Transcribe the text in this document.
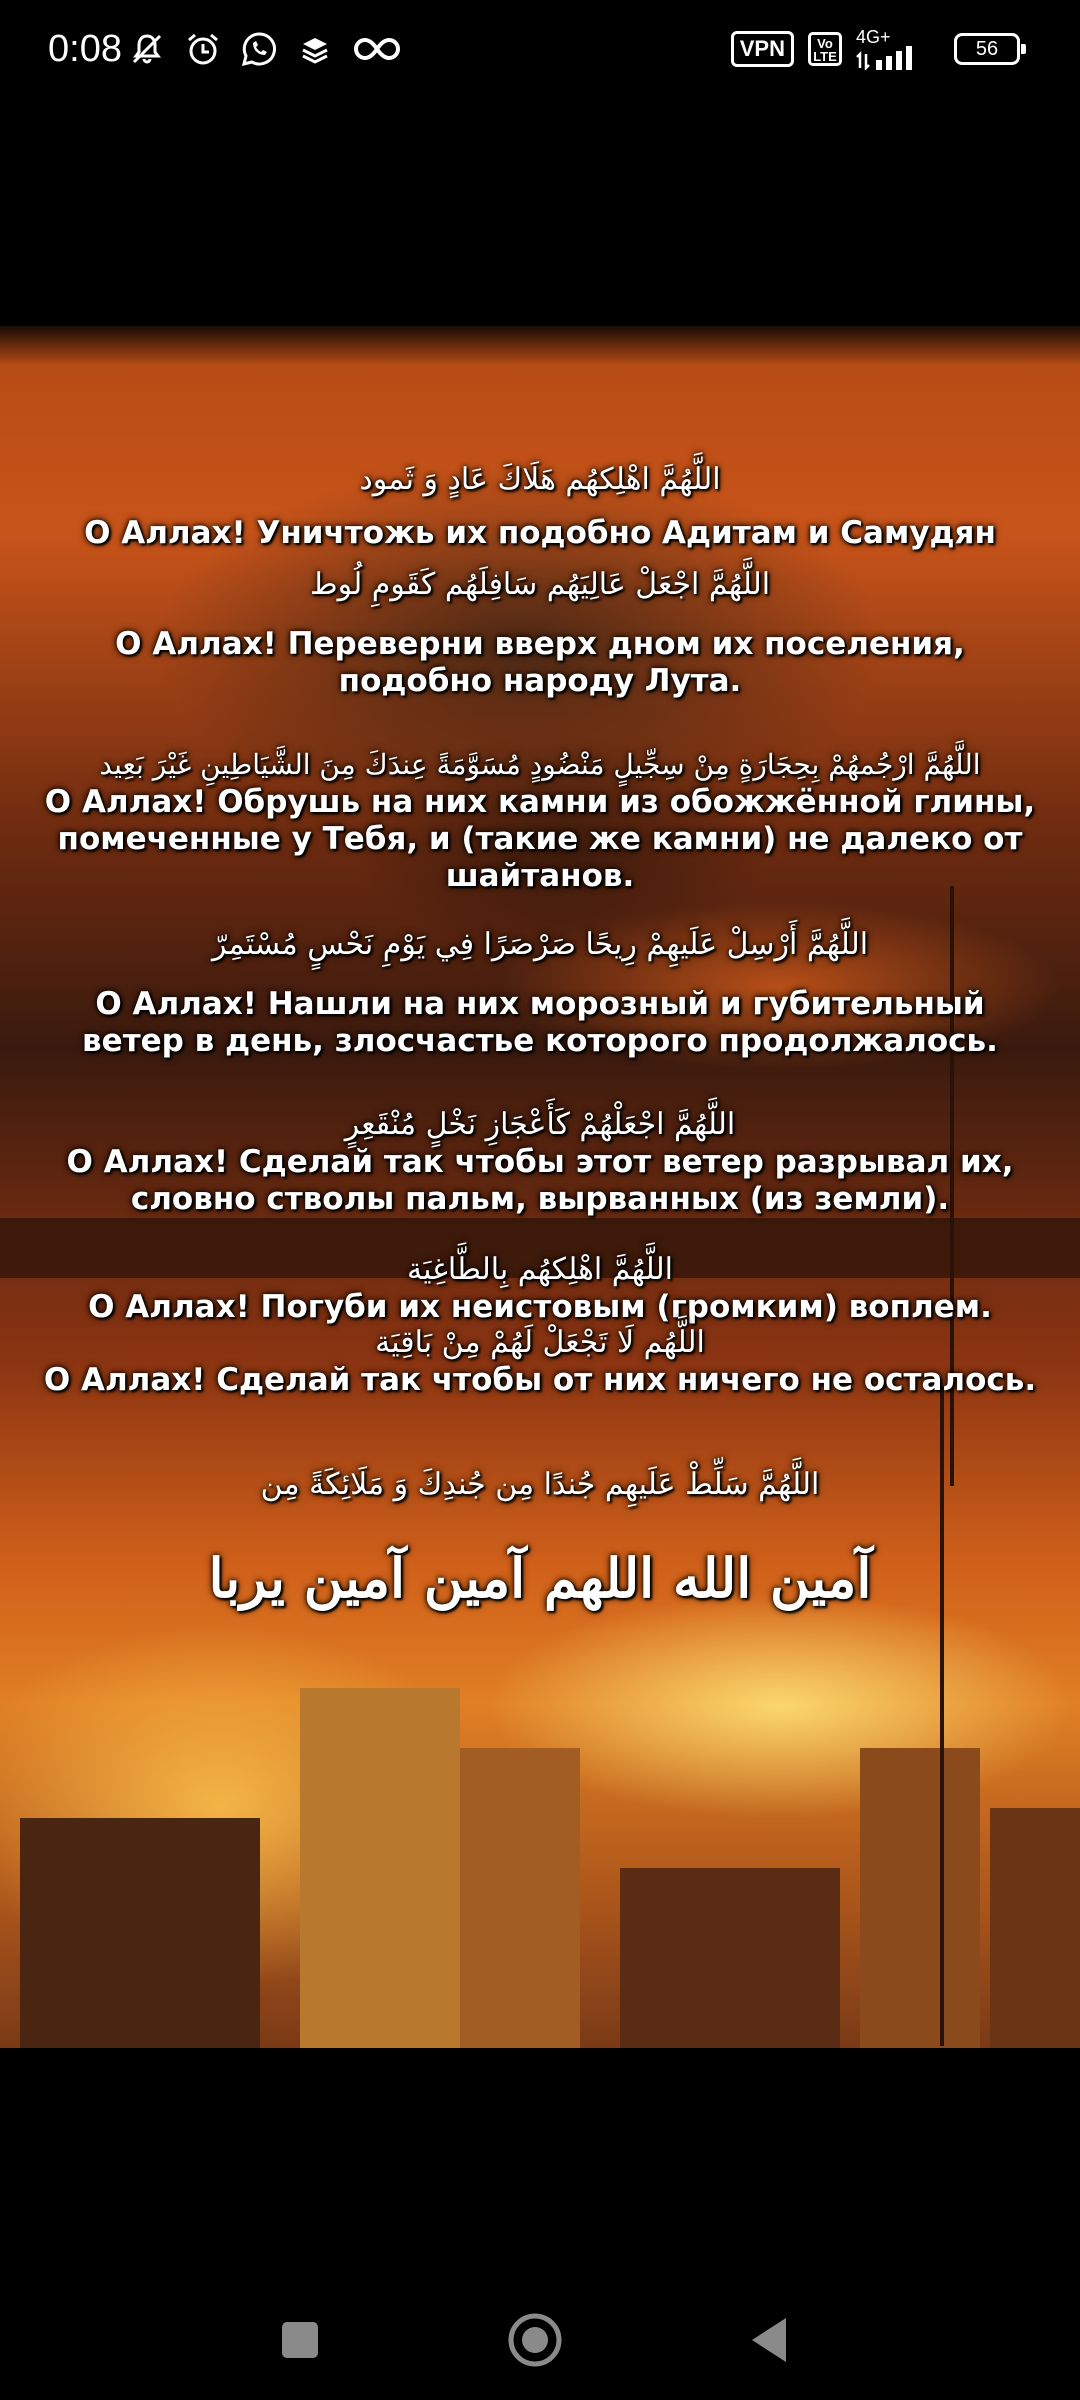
0:08	VPN	Vo
LTE
4G+
56
اللَّهُمَّ اهْلِكهُم هَلَاكَ عَادٍ وَ ثَمود
О Аллах! Уничтожь их подобно Адитам и Самудян
اللَّهُمَّ اجْعَلْ عَالِيَهُم سَافِلَهُم كَقَومِ لُوط
О Аллах! Переверни вверх дном их поселения, подобно народу Лута.
اللَّهُمَّ ارْجُمهُمْ بِحِجَارَةٍ مِنْ سِجِّيلٍ مَنْضُودٍ مُسَوَّمَةً عِندَكَ مِنَ الشَّيَاطِينِ غَيْرَ بَعِيد
О Аллах! Обрушь на них камни из обожжённой глины, помеченные у Тебя, и (такие же камни) не далеко от шайтанов.
اللَّهُمَّ أَرْسِلْ عَلَيهِمْ رِيحًا صَرْصَرًا فِي يَوْمِ نَحْسٍ مُسْتَمِرّ
О Аллах! Нашли на них морозный и губительный ветер в день, злосчастье которого продолжалось.
اللَّهُمَّ اجْعَلْهُمْ كَأَعْجَازِ نَخْلٍ مُنْقَعِرٍ
О Аллах! Сделай так чтобы этот ветер разрывал их, словно стволы пальм, вырванных (из земли).
اللَّهُمَّ اهْلِكهُم بِالطَّاغِيَة
О Аллах! Погуби их неистовым (громким) воплем.
اللَّهُم لَا تَجْعَلْ لَهُمْ مِنْ بَاقِيَة
О Аллах! Сделай так чтобы от них ничего не осталось.
اللَّهُمَّ سَلِّطْ عَلَيهِم جُندًا مِن جُندِكَ وَ مَلَائِكَةً مِن
آمين الله اللهم آمين آمين يربا
